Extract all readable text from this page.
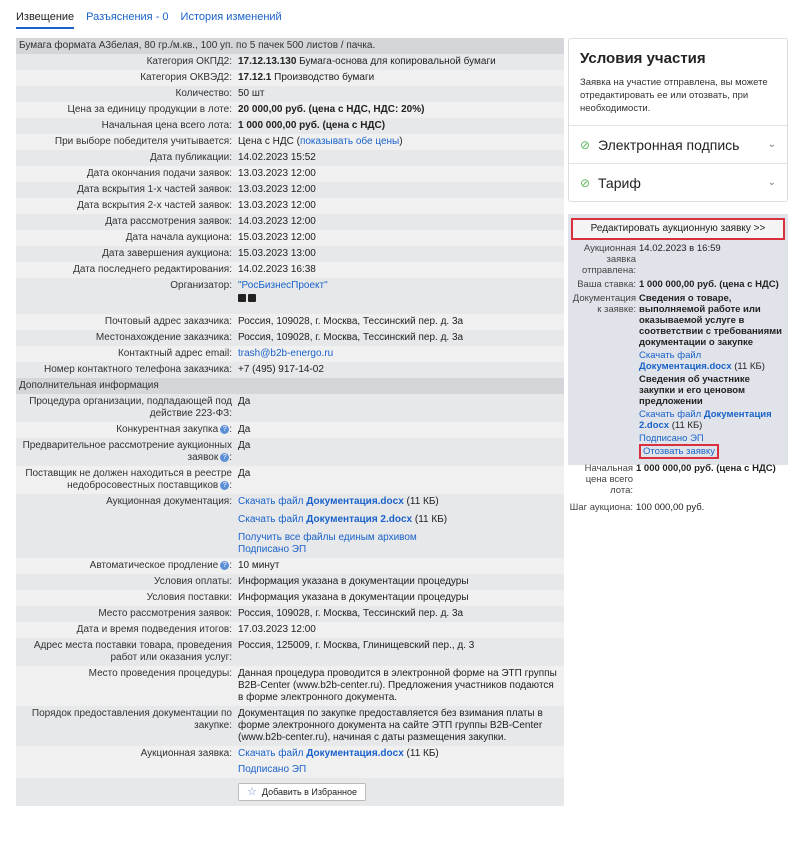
Извещение Разъяснения - 0 История изменений
Бумага формата А3белая, 80 гр./м.кв., 100 уп. по 5 пачек 500 листов / пачка.
Категория ОКПД2: 17.12.13.130 Бумага-основа для копировальной бумаги
Категория ОКВЭД2: 17.12.1 Производство бумаги
Количество: 50 шт
Цена за единицу продукции в лоте: 20 000,00 руб. (цена с НДС, НДС: 20%)
Начальная цена всего лота: 1 000 000,00 руб. (цена с НДС)
При выборе победителя учитывается: Цена с НДС (показывать обе цены)
Дата публикации: 14.02.2023 15:52
Дата окончания подачи заявок: 13.03.2023 12:00
Дата вскрытия 1-х частей заявок: 13.03.2023 12:00
Дата вскрытия 2-х частей заявок: 13.03.2023 12:00
Дата рассмотрения заявок: 14.03.2023 12:00
Дата начала аукциона: 15.03.2023 12:00
Дата завершения аукциона: 15.03.2023 13:00
Дата последнего редактирования: 14.02.2023 16:38
Организатор: "РосБизнесПроект"
Почтовый адрес заказчика: Россия, 109028, г. Москва, Тессинский пер. д. 3а
Местонахождение заказчика: Россия, 109028, г. Москва, Тессинский пер. д. 3а
Контактный адрес email: trash@b2b-energo.ru
Номер контактного телефона заказчика: +7 (495) 917-14-02
Дополнительная информация
Процедура организации, подпадающей под действие 223-ФЗ:
Да
Конкурентная закупка ? : Да
Предварительное рассмотрение аукционных заявок ? :
Да
Поставщик не должен находиться в реестре недобросовестных поставщиков ? :
Да
Аукционная документация: Скачать файл Документация.docx (11 КБ)
Скачать файл Документация 2.docx (11 КБ)
Получить все файлы единым архивом
Подписано ЭП
Автоматическое продление ? : 10 минут
Условия оплаты: Информация указана в документации процедуры
Условия поставки: Информация указана в документации процедуры
Место рассмотрения заявок: Россия, 109028, г. Москва, Тессинский пер. д. 3а
Дата и время подведения итогов: 17.03.2023 12:00
Адрес места поставки товара, проведения работ или оказания услуг:
Россия, 125009, г. Москва, Глинищевский пер., д. 3
Место проведения процедуры: Данная процедура проводится в электронной форме на ЭТП группы B2B-Center (www.b2b-center.ru). Предложения участников подаются в форме электронного документа.
Порядок предоставления документации по закупке:
Документация по закупке предоставляется без взимания платы в форме электронного документа на сайте ЭТП группы B2B-Center (www.b2b-center.ru), начиная с даты размещения закупки.
Аукционная заявка: Скачать файл Документация.docx (11 КБ)
Подписано ЭП
☆ Добавить в Избранное
Условия участия
Заявка на участие отправлена, вы можете отредактировать ее или отозвать, при необходимости.
⊘ Электронная подпись	⌄
⊘ Тариф	⌄
Редактировать аукционную заявку >>
Аукционная заявка отправлена:
14.02.2023 в 16:59
Ваша ставка: 1 000 000,00 руб. (цена с НДС)
Документация к заявке:
Сведения о товаре, выполняемой работе или оказываемой услуге в соответствии с требованиями документации о закупке
Скачать файл Документация.docx (11 КБ)
Сведения об участнике закупки и его ценовом предложении
Скачать файл Документация 2.docx (11 КБ)
Подписано ЭП
Отозвать заявку
Начальная цена всего лота:
1 000 000,00 руб. (цена с НДС)
Шаг аукциона: 100 000,00 руб.
